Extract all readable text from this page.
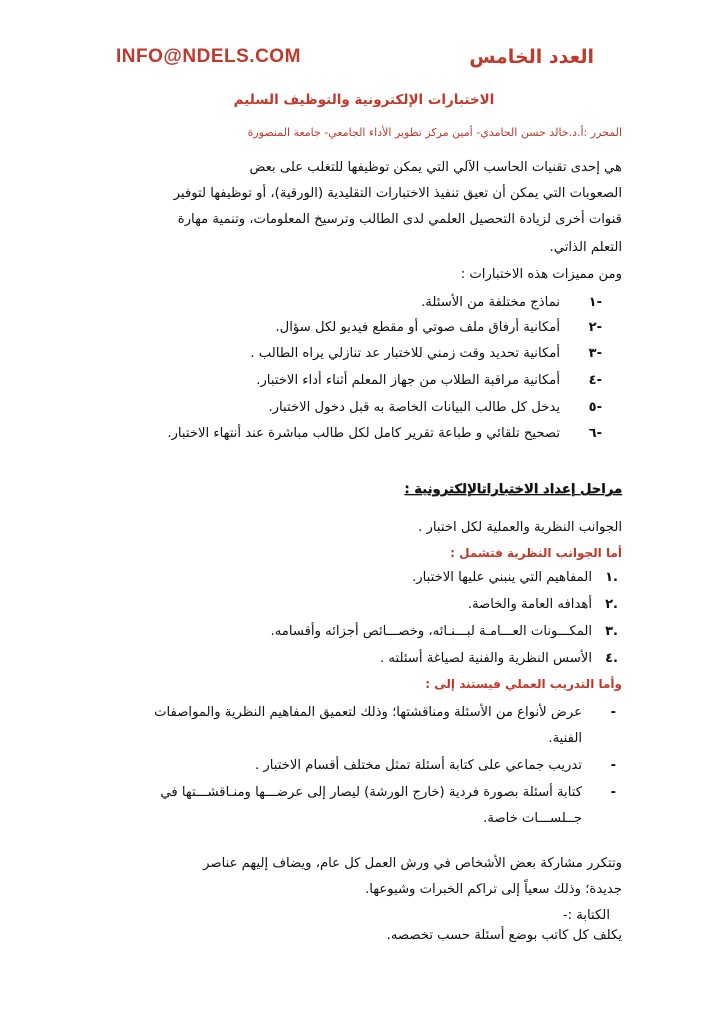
INFO@NDELS.COM	العدد الخامس
الاختبارات الإلكترونية والتوظيف السليم
المحرر :أ.د.خالد حسن الحامدي- أمين مركز تطوير الأداء الجامعي- جامعة المنصورة
هي إحدى تقنيات الحاسب الآلي التي يمكن توظيفها للتغلب على بعض
الصعوبات التي يمكن أن تعيق تنفيذ الاختبارات التقليدية (الورقية)، أو توظيفها لتوفير
قنوات أخرى لزيادة التحصيل العلمي لدى الطالب وترسيخ المعلومات، وتنمية مهارة
التعلم الذاتي.
ومن مميزات هذه الاختبارات :
-١
نماذج مختلفة من الأسئلة.
-٢
أمكانية أرفاق ملف صوتي أو مقطع فيديو لكل سؤال.
-٣
أمكانية تحديد وقت زمني للاختبار عد تنازلي يراه الطالب .
-٤
أمكانية مراقبة الطلاب من جهاز المعلم أثناء أداء الاختبار.
-٥
يدخل كل طالب البيانات الخاصة به قبل دخول الاختبار.
-٦
تصحيح تلقائي و طباعة تقرير كامل لكل طالب مباشرة عند أنتهاء الاختبار.
مراحل إعداد الاختباراتالإلكترونية :
الجوانب النظرية والعملية لكل اختبار .
أما الجوانب النظرية فتشمل :
.١
المفاهيم التي ينبني عليها الاختبار.
.٢
أهدافه العامة والخاصة.
.٣
المكـــونات العـــامـة لبـــنـائه، وخصـــائص أجزائه وأقسامه.
.٤
الأسس النظرية والفنية لصياغة أسئلته .
وأما التدريب العملي فيستند إلى :
-
عرض لأنواع من الأسئلة ومناقشتها؛ وذلك لتعميق المفاهيم النظرية والمواصفات
الفنية.
-
تدريب جماعي على كتابة أسئلة تمثل مختلف أقسام الاختبار .
-
كتابة أسئلة بصورة فردية (خارج الورشة) ليصار إلى عرضـــها ومنـاقشـــتها في
جــلســـات خاصة.
وتتكرر مشاركة بعض الأشخاص في ورش العمل كل عام، ويضاف إليهم عناصر
جديدة؛ وذلك سعياً إلى تراكم الخبرات وشيوعها.
الكتابة :-
يكلف كل كاتب بوضع أسئلة حسب تخصصه.
